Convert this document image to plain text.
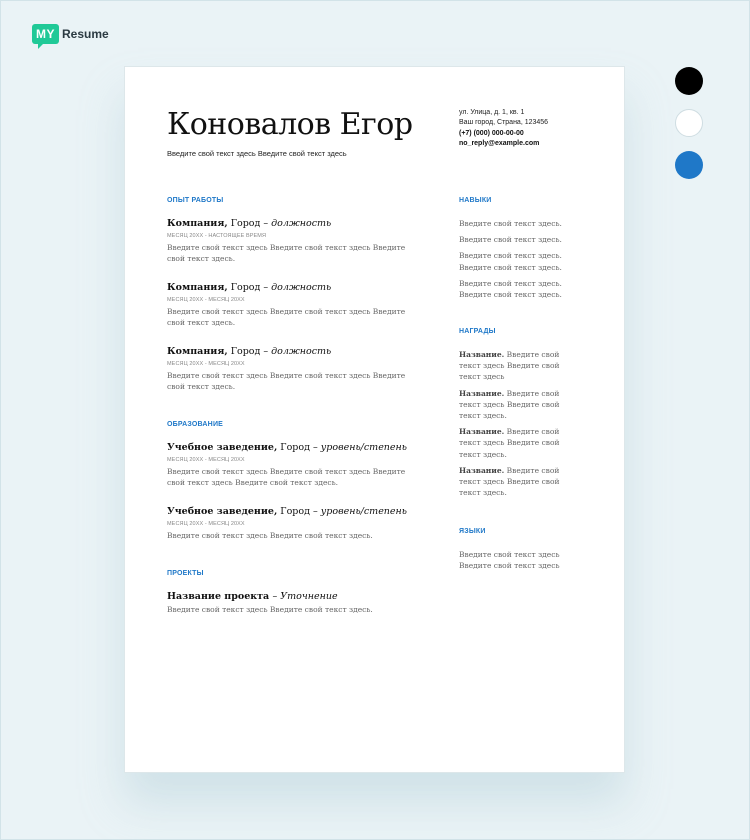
MY Resume
Коновалов Егор
Введите свой текст здесь Введите свой текст здесь
ул. Улица, д. 1, кв. 1
Ваш город, Страна, 123456
(+7) (000) 000-00-00
no_reply@example.com
ОПЫТ РАБОТЫ
Компания, Город – должность
МЕСЯЦ 20XX - НАСТОЯЩЕЕ ВРЕМЯ
Введите свой текст здесь Введите свой текст здесь Введите свой текст здесь.
Компания, Город – должность
МЕСЯЦ 20XX - МЕСЯЦ 20XX
Введите свой текст здесь Введите свой текст здесь Введите свой текст здесь.
Компания, Город – должность
МЕСЯЦ 20XX - МЕСЯЦ 20XX
Введите свой текст здесь Введите свой текст здесь Введите свой текст здесь.
ОБРАЗОВАНИЕ
Учебное заведение, Город – уровень/степень
МЕСЯЦ 20XX - МЕСЯЦ 20XX
Введите свой текст здесь Введите свой текст здесь Введите свой текст здесь Введите свой текст здесь.
Учебное заведение, Город – уровень/степень
МЕСЯЦ 20XX - МЕСЯЦ 20XX
Введите свой текст здесь Введите свой текст здесь.
ПРОЕКТЫ
Название проекта – Уточнение
Введите свой текст здесь Введите свой текст здесь.
НАВЫКИ
Введите свой текст здесь.
Введите свой текст здесь.
Введите свой текст здесь. Введите свой текст здесь.
Введите свой текст здесь. Введите свой текст здесь.
НАГРАДЫ
Название. Введите свой текст здесь Введите свой текст здесь
Название. Введите свой текст здесь Введите свой текст здесь.
Название. Введите свой текст здесь Введите свой текст здесь.
Название. Введите свой текст здесь Введите свой текст здесь.
ЯЗЫКИ
Введите свой текст здесь Введите свой текст здесь
